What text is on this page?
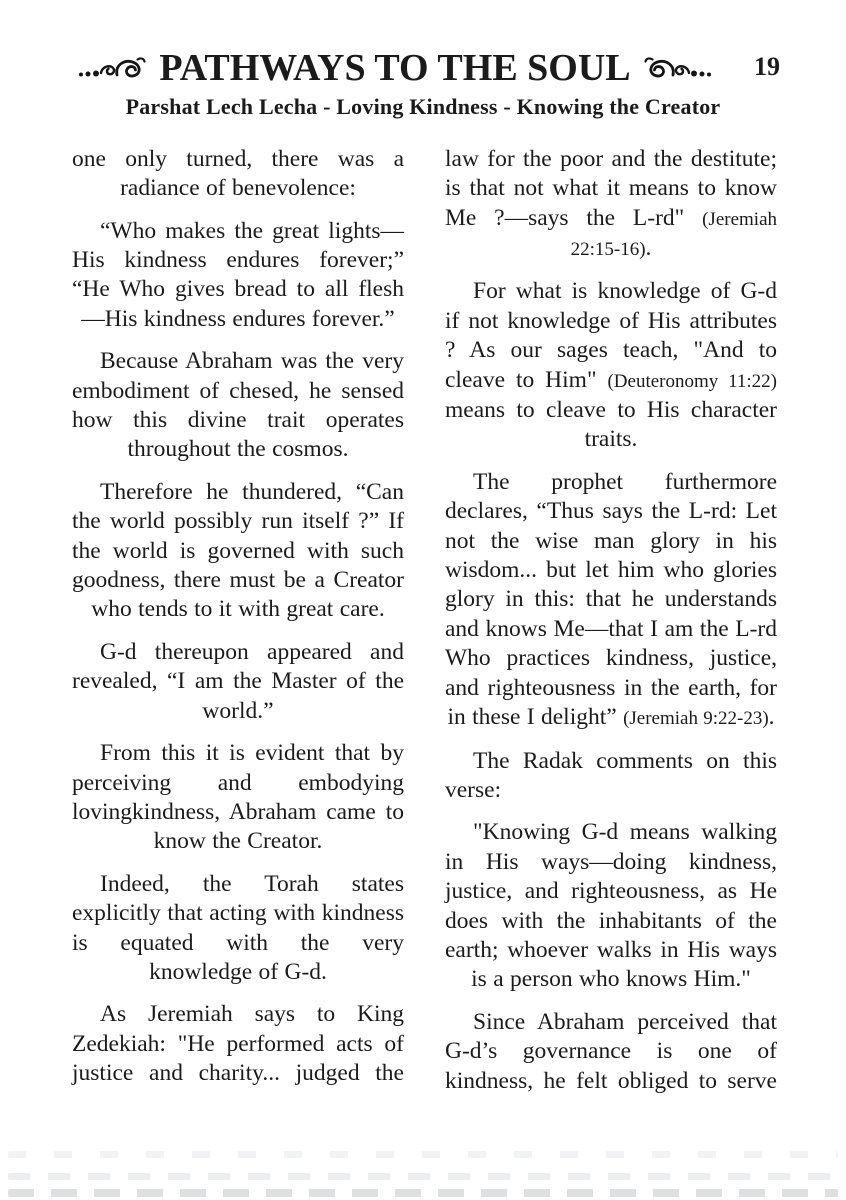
PATHWAYS TO THE SOUL	19
Parshat Lech Lecha - Loving Kindness - Knowing the Creator

one only turned, there was a radiance of benevolence:

“Who makes the great lights—His kindness endures forever;” “He Who gives bread to all flesh—His kindness endures forever.”

Because Abraham was the very embodiment of chesed, he sensed how this divine trait operates throughout the cosmos.

Therefore he thundered, “Can the world possibly run itself ?” If the world is governed with such goodness, there must be a Creator who tends to it with great care.

G-d thereupon appeared and revealed, “I am the Master of the world.”

From this it is evident that by perceiving and embodying lovingkindness, Abraham came to know the Creator.

Indeed, the Torah states explicitly that acting with kindness is equated with the very knowledge of G-d.

As Jeremiah says to King Zedekiah: "He performed acts of justice and charity... judged the

law for the poor and the destitute; is that not what it means to know Me ?—says the L-rd" (Jeremiah 22:15-16).

For what is knowledge of G-d if not knowledge of His attributes ? As our sages teach, "And to cleave to Him" (Deuteronomy 11:22) means to cleave to His character traits.

The prophet furthermore declares, “Thus says the L-rd: Let not the wise man glory in his wisdom... but let him who glories glory in this: that he understands and knows Me—that I am the L-rd Who practices kindness, justice, and righteousness in the earth, for in these I delight” (Jeremiah 9:22-23).

The Radak comments on this verse:

"Knowing G-d means walking in His ways—doing kindness, justice, and righteousness, as He does with the inhabitants of the earth; whoever walks in His ways is a person who knows Him."

Since Abraham perceived that G-d’s governance is one of kindness, he felt obliged to serve
